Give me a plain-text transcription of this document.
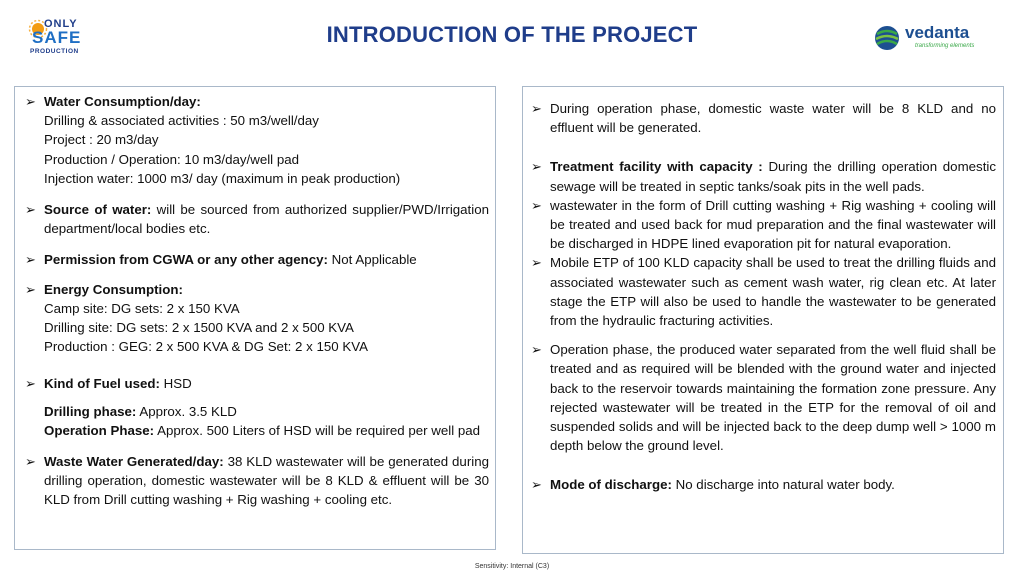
ONLY
SAFE
PRODUCTION
INTRODUCTION OF THE PROJECT	vedanta
transforming elements
➢ Water Consumption/day:
Drilling & associated activities : 50 m3/well/day
Project : 20 m3/day
Production / Operation: 10 m3/day/well pad
Injection water: 1000 m3/ day (maximum in peak production)
➢ Source of water: will be sourced from authorized supplier/PWD/Irrigation department/local bodies etc.
➢ Permission from CGWA or any other agency: Not Applicable
➢ Energy Consumption:
Camp site: DG sets: 2 x 150 KVA
Drilling site: DG sets: 2 x 1500 KVA and 2 x 500 KVA
Production : GEG: 2 x 500 KVA & DG Set: 2 x 150 KVA
➢ Kind of Fuel used: HSD
Drilling phase: Approx. 3.5 KLD
Operation Phase: Approx. 500 Liters of HSD will be required per well pad
➢ Waste Water Generated/day: 38 KLD wastewater will be generated during drilling operation, domestic wastewater will be 8 KLD & effluent will be 30 KLD from Drill cutting washing + Rig washing + cooling etc.
➢ During operation phase, domestic waste water will be 8 KLD and no effluent will be generated.
➢ Treatment facility with capacity : During the drilling operation domestic sewage will be treated in septic tanks/soak pits in the well pads.
➢ wastewater in the form of Drill cutting washing + Rig washing + cooling will be treated and used back for mud preparation and the final wastewater will be discharged in HDPE lined evaporation pit for natural evaporation.
➢ Mobile ETP of 100 KLD capacity shall be used to treat the drilling fluids and associated wastewater such as cement wash water, rig clean etc. At later stage the ETP will also be used to handle the wastewater to be generated from the hydraulic fracturing activities.
➢ Operation phase, the produced water separated from the well fluid shall be treated and as required will be blended with the ground water and injected back to the reservoir towards maintaining the formation zone pressure. Any rejected wastewater will be treated in the ETP for the removal of oil and suspended solids and will be injected back to the deep dump well > 1000 m depth below the ground level.
➢ Mode of discharge: No discharge into natural water body.
Sensitivity: Internal (C3)
